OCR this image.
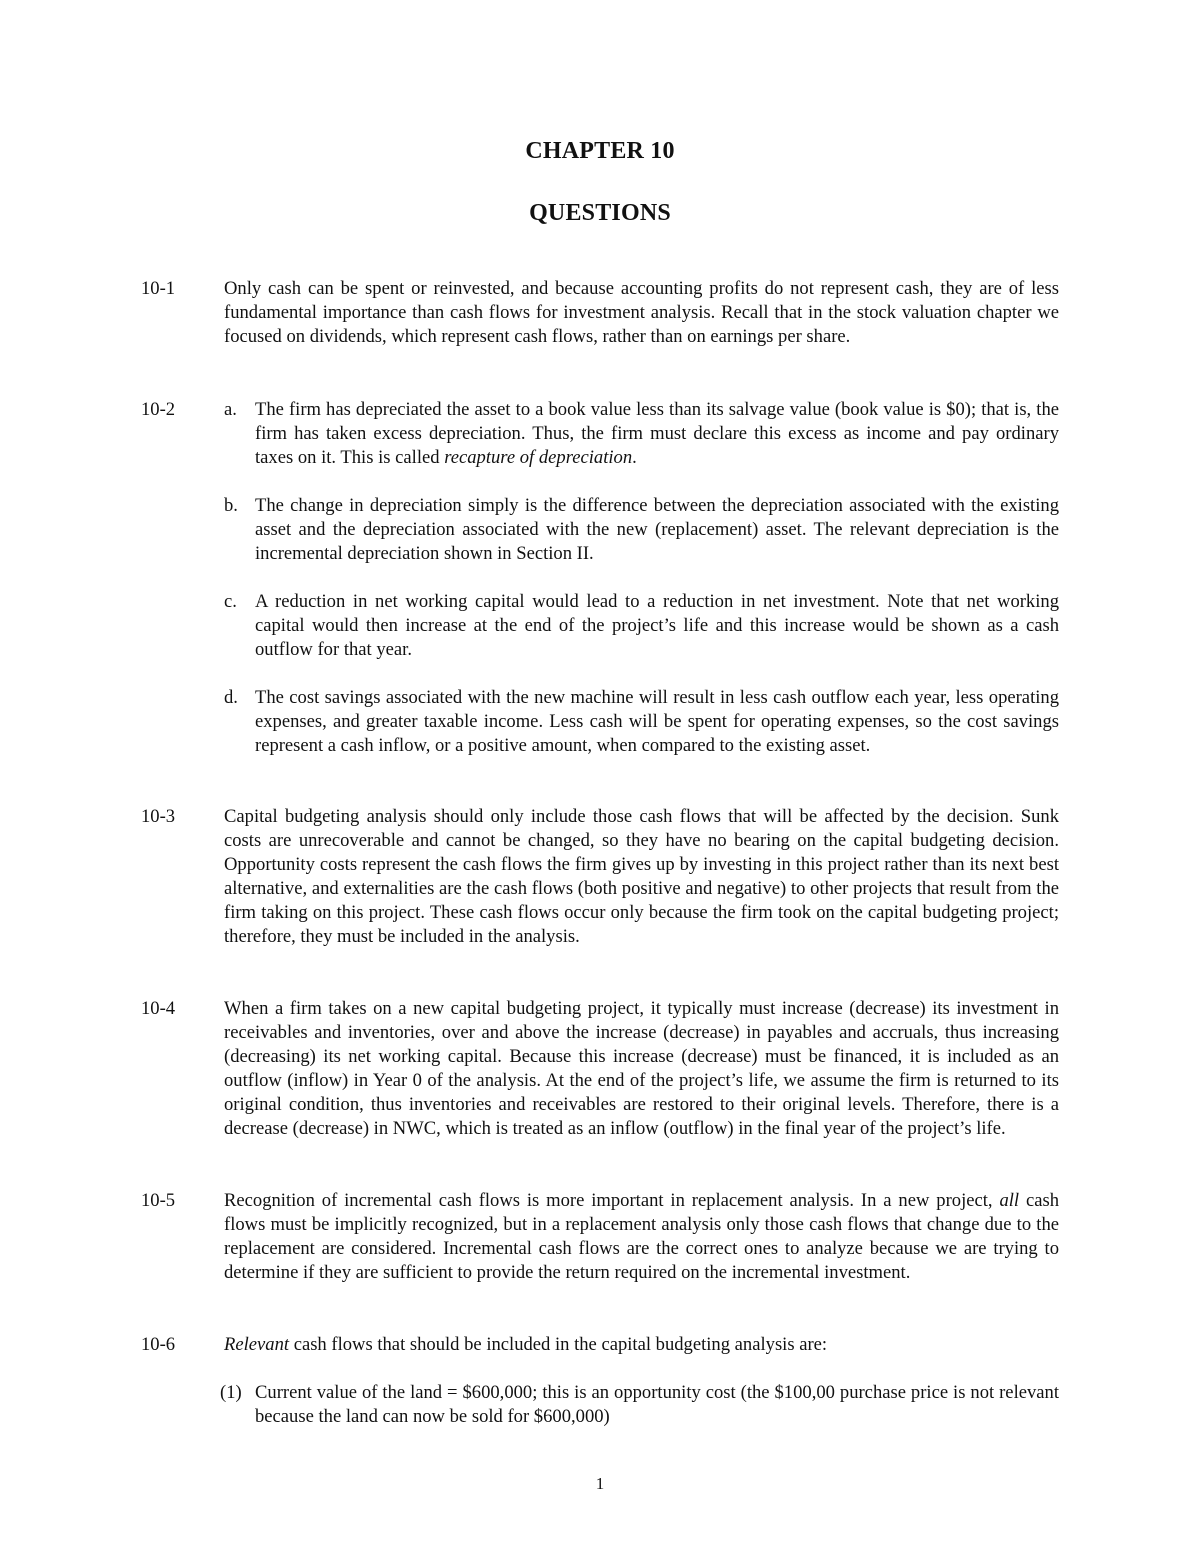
CHAPTER 10
QUESTIONS
10-1	Only cash can be spent or reinvested, and because accounting profits do not represent cash, they are of less fundamental importance than cash flows for investment analysis. Recall that in the stock valuation chapter we focused on dividends, which represent cash flows, rather than on earnings per share.

10-2	a. The firm has depreciated the asset to a book value less than its salvage value (book value is $0); that is, the firm has taken excess depreciation. Thus, the firm must declare this excess as income and pay ordinary taxes on it. This is called recapture of depreciation.
b. The change in depreciation simply is the difference between the depreciation associated with the existing asset and the depreciation associated with the new (replacement) asset. The relevant depreciation is the incremental depreciation shown in Section II.
c. A reduction in net working capital would lead to a reduction in net investment. Note that net working capital would then increase at the end of the project’s life and this increase would be shown as a cash outflow for that year.
d. The cost savings associated with the new machine will result in less cash outflow each year, less operating expenses, and greater taxable income. Less cash will be spent for operating expenses, so the cost savings represent a cash inflow, or a positive amount, when compared to the existing asset.
10-3	Capital budgeting analysis should only include those cash flows that will be affected by the decision. Sunk costs are unrecoverable and cannot be changed, so they have no bearing on the capital budgeting decision. Opportunity costs represent the cash flows the firm gives up by investing in this project rather than its next best alternative, and externalities are the cash flows (both positive and negative) to other projects that result from the firm taking on this project. These cash flows occur only because the firm took on the capital budgeting project; therefore, they must be included in the analysis.

10-4	When a firm takes on a new capital budgeting project, it typically must increase (decrease) its investment in receivables and inventories, over and above the increase (decrease) in payables and accruals, thus increasing (decreasing) its net working capital. Because this increase (decrease) must be financed, it is included as an outflow (inflow) in Year 0 of the analysis. At the end of the project’s life, we assume the firm is returned to its original condition, thus inventories and receivables are restored to their original levels. Therefore, there is a decrease (decrease) in NWC, which is treated as an inflow (outflow) in the final year of the project’s life.

10-5	Recognition of incremental cash flows is more important in replacement analysis. In a new project, all cash flows must be implicitly recognized, but in a replacement analysis only those cash flows that change due to the replacement are considered. Incremental cash flows are the correct ones to analyze because we are trying to determine if they are sufficient to provide the return required on the incremental investment.

10-6	Relevant cash flows that should be included in the capital budgeting analysis are:
(1) Current value of the land = $600,000; this is an opportunity cost (the $100,00 purchase price is not relevant because the land can now be sold for $600,000)
1
